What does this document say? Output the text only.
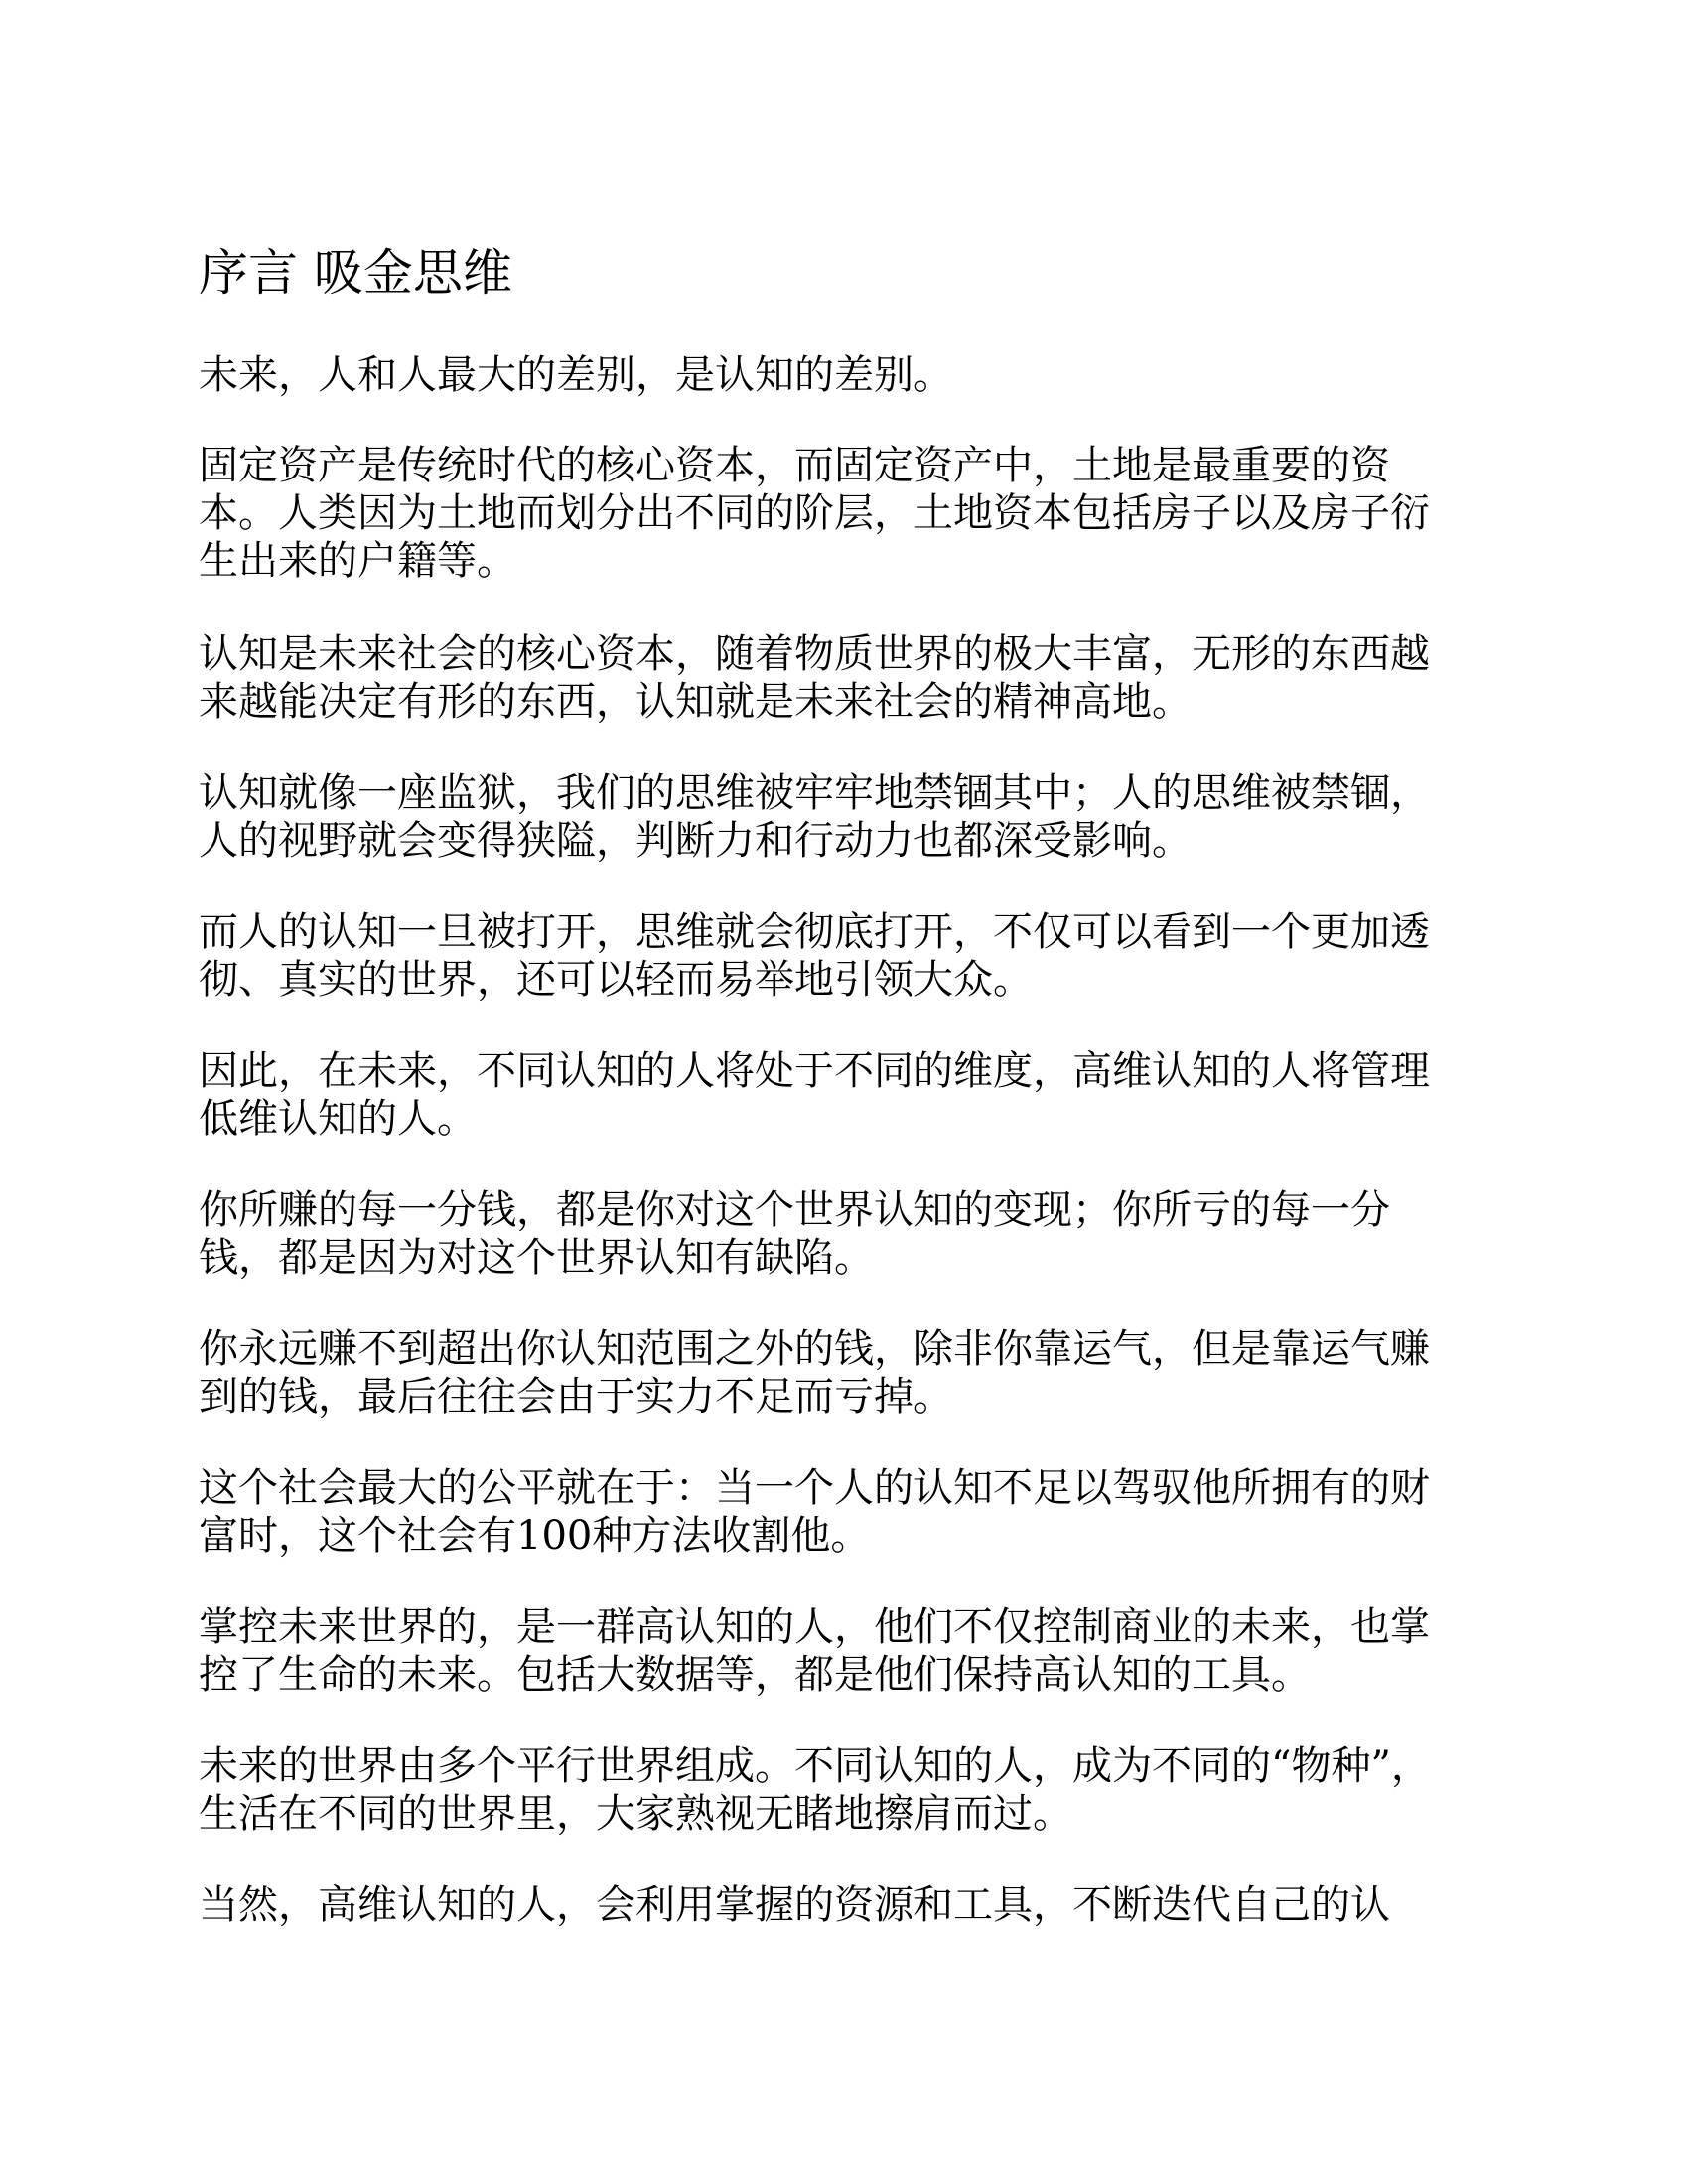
序言 吸金思维

未来，人和人最大的差别，是认知的差别。

固定资产是传统时代的核心资本，而固定资产中，土地是最重要的资
本。人类因为土地而划分出不同的阶层，土地资本包括房子以及房子衍
生出来的户籍等。

认知是未来社会的核心资本，随着物质世界的极大丰富，无形的东西越
来越能决定有形的东西，认知就是未来社会的精神高地。

认知就像一座监狱，我们的思维被牢牢地禁锢其中；人的思维被禁锢，
人的视野就会变得狭隘，判断力和行动力也都深受影响。

而人的认知一旦被打开，思维就会彻底打开，不仅可以看到一个更加透
彻、真实的世界，还可以轻而易举地引领大众。

因此，在未来，不同认知的人将处于不同的维度，高维认知的人将管理
低维认知的人。

你所赚的每一分钱，都是你对这个世界认知的变现；你所亏的每一分
钱，都是因为对这个世界认知有缺陷。

你永远赚不到超出你认知范围之外的钱，除非你靠运气，但是靠运气赚
到的钱，最后往往会由于实力不足而亏掉。

这个社会最大的公平就在于：当一个人的认知不足以驾驭他所拥有的财
富时，这个社会有100种方法收割他。

掌控未来世界的，是一群高认知的人，他们不仅控制商业的未来，也掌
控了生命的未来。包括大数据等，都是他们保持高认知的工具。

未来的世界由多个平行世界组成。不同认知的人，成为不同的“物种”，
生活在不同的世界里，大家熟视无睹地擦肩而过。

当然，高维认知的人，会利用掌握的资源和工具，不断迭代自己的认
